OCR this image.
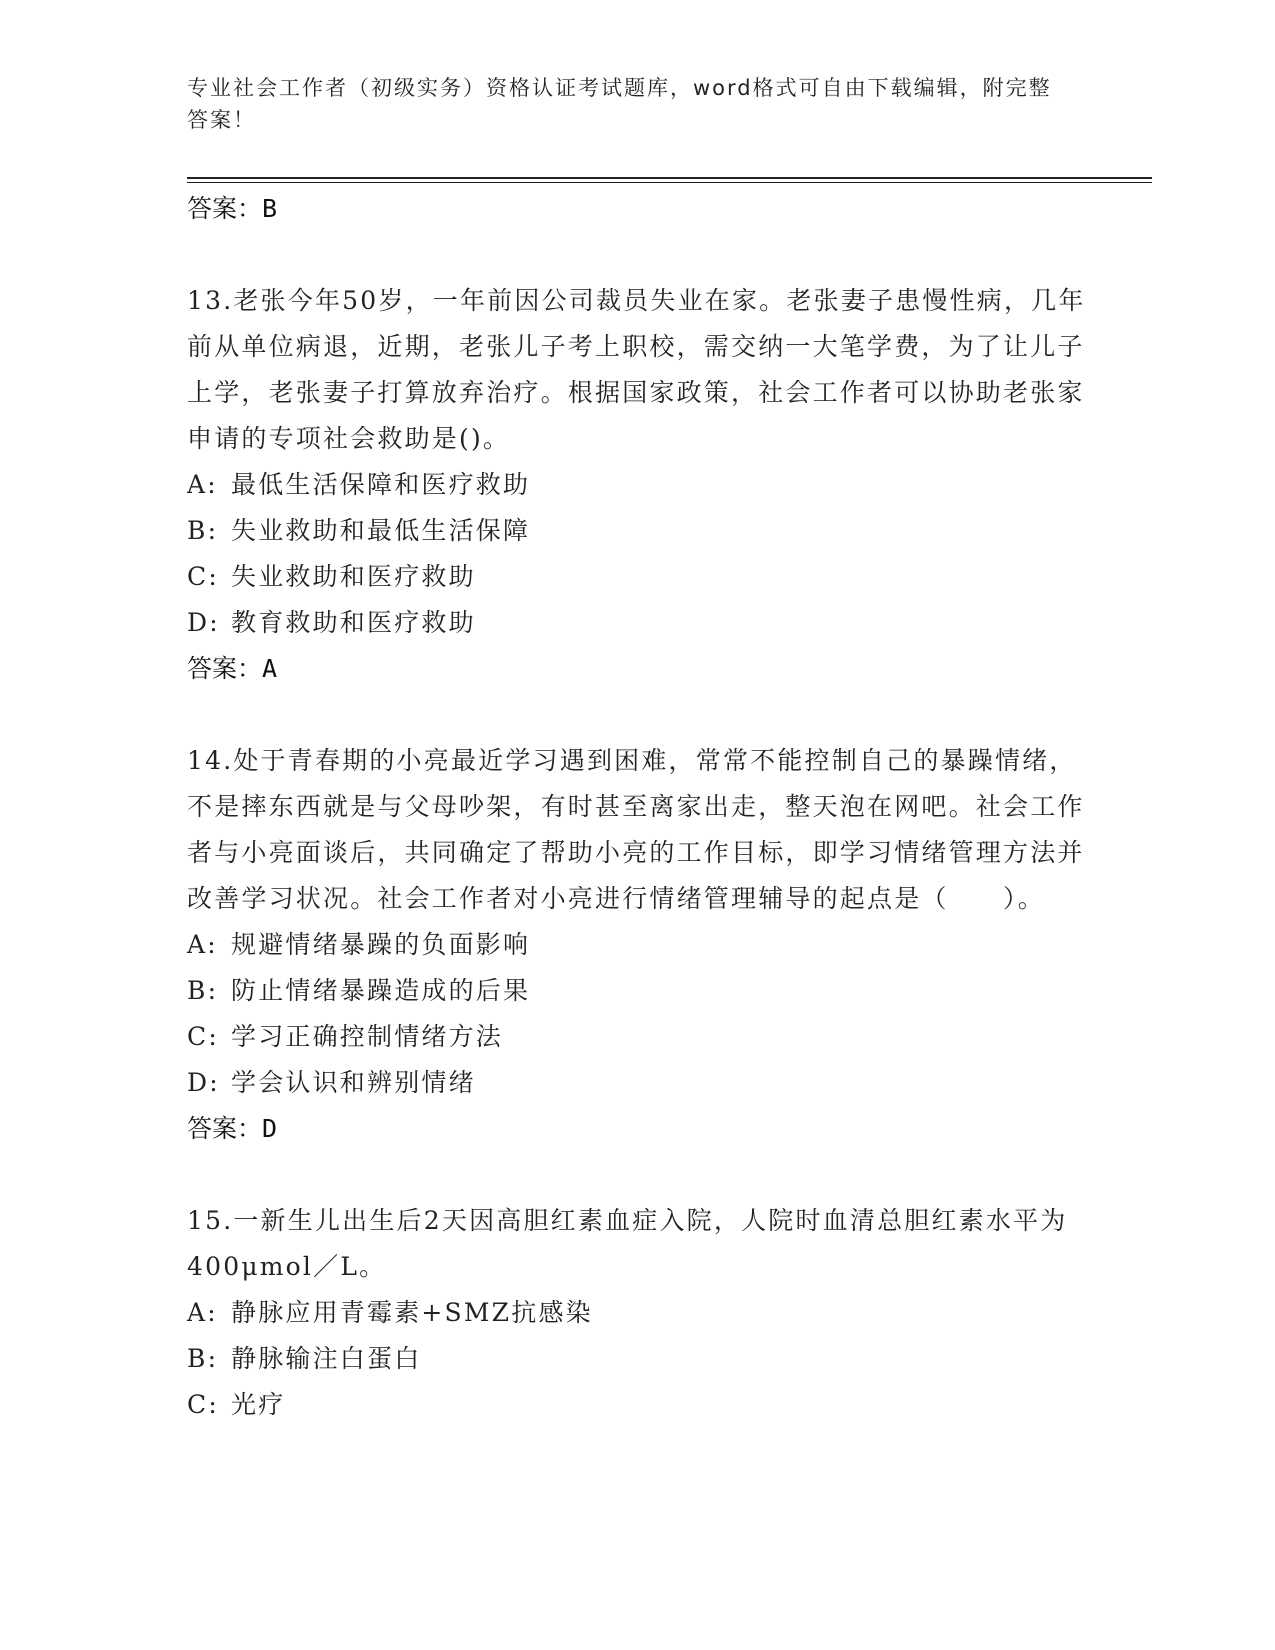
专业社会工作者（初级实务）资格认证考试题库，word格式可自由下载编辑，附完整答案！

答案：B

13.老张今年50岁，一年前因公司裁员失业在家。老张妻子患慢性病，几年前从单位病退，近期，老张儿子考上职校，需交纳一大笔学费，为了让儿子上学，老张妻子打算放弃治疗。根据国家政策，社会工作者可以协助老张家申请的专项社会救助是()。

A: 最低生活保障和医疗救助

B: 失业救助和最低生活保障

C: 失业救助和医疗救助

D: 教育救助和医疗救助

答案：A

14.处于青春期的小亮最近学习遇到困难，常常不能控制自己的暴躁情绪，不是摔东西就是与父母吵架，有时甚至离家出走，整天泡在网吧。社会工作者与小亮面谈后，共同确定了帮助小亮的工作目标，即学习情绪管理方法并改善学习状况。社会工作者对小亮进行情绪管理辅导的起点是（　　）。

A: 规避情绪暴躁的负面影响

B: 防止情绪暴躁造成的后果

C: 学习正确控制情绪方法

D: 学会认识和辨别情绪

答案：D

15.一新生儿出生后2天因高胆红素血症入院，人院时血清总胆红素水平为400μmol／L。

A: 静脉应用青霉素+SMZ抗感染

B: 静脉输注白蛋白

C: 光疗
